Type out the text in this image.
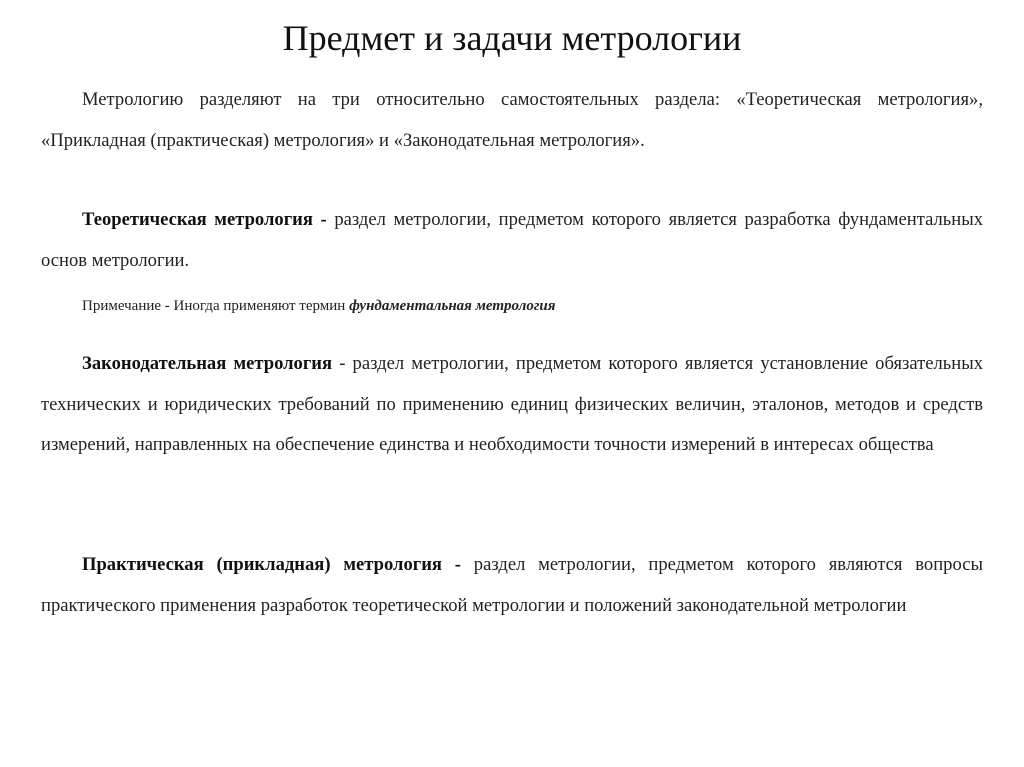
Предмет и задачи метрологии
Метрологию разделяют на три относительно самостоятельных раздела: «Теоретическая метрология», «Прикладная (практическая) метрология» и «Законодательная метрология».
Теоретическая метрология - раздел метрологии, предметом которого является разработка фундаментальных основ метрологии.
Примечание - Иногда применяют термин фундаментальная метрология
Законодательная метрология - раздел метрологии, предметом которого является установление обязательных технических и юридических требований по применению единиц физических величин, эталонов, методов и средств измерений, направленных на обеспечение единства и необходимости точности измерений в интересах общества
Практическая (прикладная) метрология - раздел метрологии, предметом которого являются вопросы практического применения разработок теоретической метрологии и положений законодательной метрологии
